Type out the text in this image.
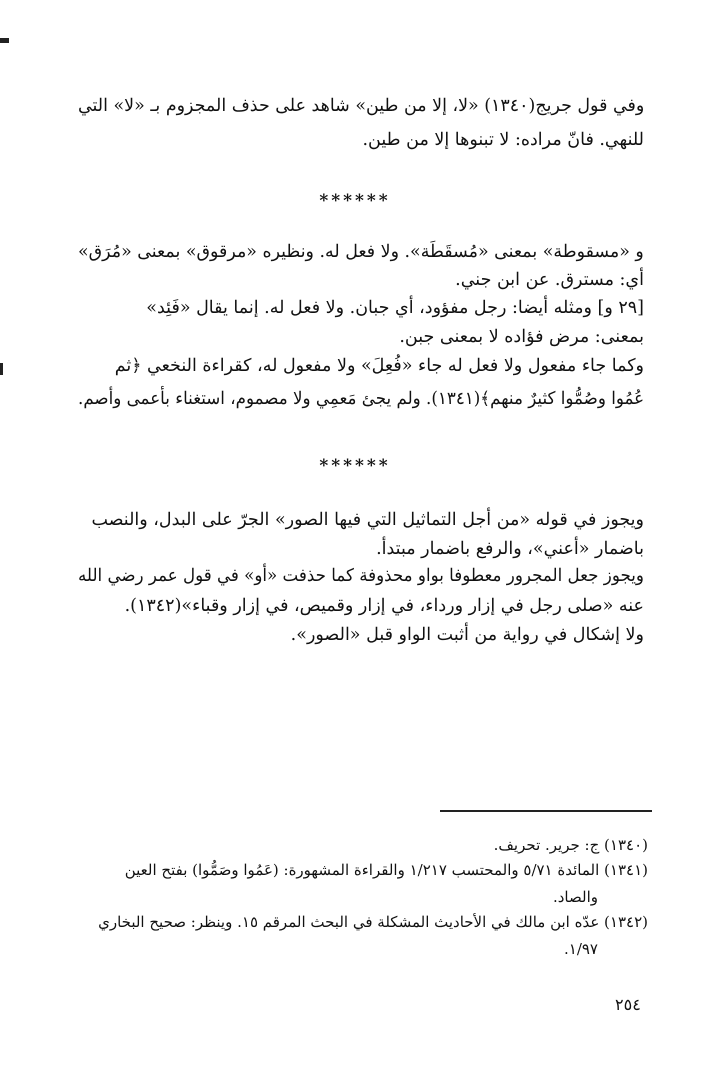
وفي قول جريج(١٣٤٠) «لا، إلا من طين» شاهد على حذف المجزوم بـ «لا» التي
للنهي. فانّ مراده: لا تبنوها إلا من طين.
******
و «مسقوطة» بمعنى «مُسقَطَة». ولا فعل له. ونظيره «مرقوق» بمعنى «مُرَق»
أي: مسترق. عن ابن جني.
[٢٩ و] ومثله أيضا: رجل مفؤود، أي جبان. ولا فعل له. إنما يقال «فَئِد»
بمعنى: مرض فؤاده لا بمعنى جبن.
وكما جاء مفعول ولا فعل له جاء «فُعِلَ» ولا مفعول له، كقراءة النخعي ﴿ثم
عُمُوا وصُمُّوا كثيرٌ منهم﴾(١٣٤١). ولم يجئ مَعمِي ولا مصموم، استغناء بأعمى وأصم.
******
ويجوز في قوله «من أجل التماثيل التي فيها الصور» الجرّ على البدل، والنصب
باضمار «أعني»، والرفع باضمار مبتدأ.
ويجوز جعل المجرور معطوفا بواو محذوفة كما حذفت «أو» في قول عمر رضي الله
عنه «صلى رجل في إزار ورداء، في إزار وقميص، في إزار وقباء»(١٣٤٢).
ولا إشكال في رواية من أثبت الواو قبل «الصور».
(١٣٤٠) ج: جرير. تحريف.
(١٣٤١) المائدة ٥/٧١ والمحتسب ١/٢١٧ والقراءة المشهورة: (عَمُوا وصَمُّوا) بفتح العين
والصاد.
(١٣٤٢) عدّه ابن مالك في الأحاديث المشكلة في البحث المرقم ١٥. وينظر: صحيح البخاري
١/٩٧.
٢٥٤
